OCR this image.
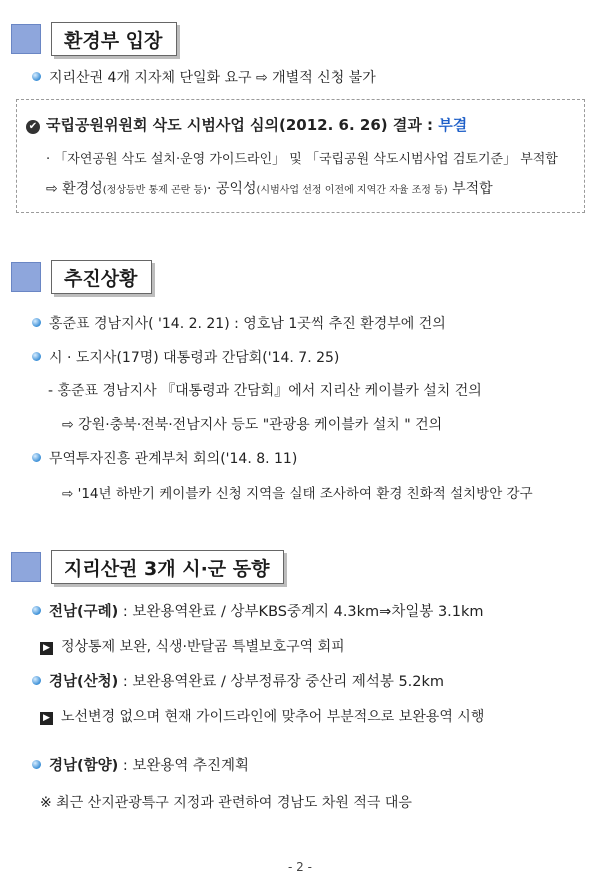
환경부 입장
지리산권 4개 지자체 단일화 요구 ⇨ 개별적 신청 불가
✔ 국립공원위원회 삭도 시범사업 심의(2012. 6. 26) 결과 : 부결
· 「자연공원 삭도 설치·운영 가이드라인」 및 「국립공원 삭도시범사업 검토기준」 부적합
⇨ 환경성(정상등반 통제 곤란 등)· 공익성(시범사업 선정 이전에 지역간 자율 조정 등) 부적합
추진상황
홍준표 경남지사( '14. 2. 21) : 영호남 1곳씩 추진 환경부에 건의
시 · 도지사(17명) 대통령과 간담회('14. 7. 25)
- 홍준표 경남지사 『대통령과 간담회』에서 지리산 케이블카 설치 건의
⇨ 강원·충북·전북·전남지사 등도 "관광용 케이블카 설치 " 건의
무역투자진흥 관계부처 회의('14. 8. 11)
⇨ '14년 하반기 케이블카 신청 지역을 실태 조사하여 환경 친화적 설치방안 강구
지리산권 3개 시·군 동향
전남(구례) : 보완용역완료 / 상부KBS중계지 4.3km⇒차일봉 3.1km
▶ 정상통제 보완, 식생·반달곰 특별보호구역 회피
경남(산청) : 보완용역완료 / 상부정류장 중산리 제석봉 5.2km
▶ 노선변경 없으며 현재 가이드라인에 맞추어 부분적으로 보완용역 시행
경남(함양) : 보완용역 추진계획
※ 최근 산지관광특구 지정과 관련하여 경남도 차원 적극 대응
- 2 -
